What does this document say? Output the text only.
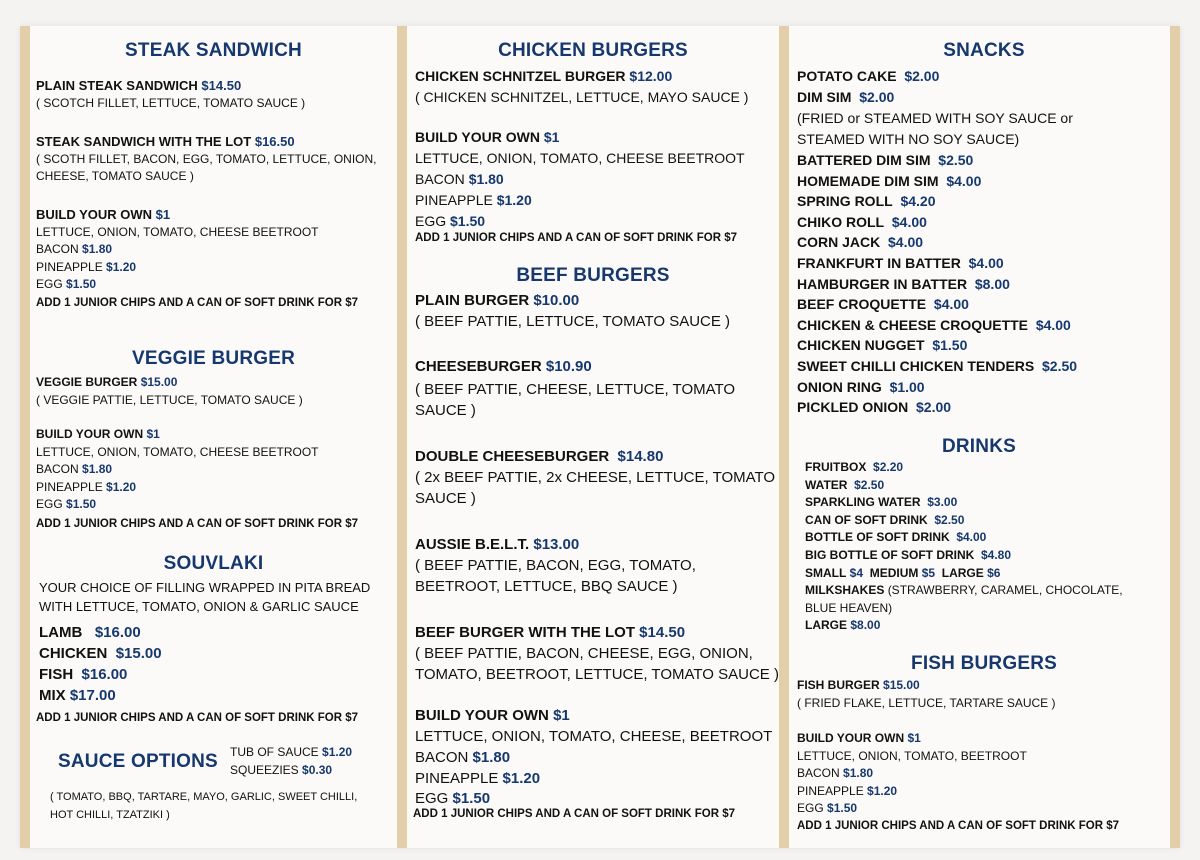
STEAK SANDWICH
PLAIN STEAK SANDWICH $14.50
( SCOTCH FILLET, LETTUCE, TOMATO SAUCE )
STEAK SANDWICH WITH THE LOT $16.50
( SCOTH FILLET, BACON, EGG, TOMATO, LETTUCE, ONION, CHEESE, TOMATO SAUCE )
BUILD YOUR OWN $1
LETTUCE, ONION, TOMATO, CHEESE BEETROOT
BACON $1.80
PINEAPPLE $1.20
EGG $1.50
ADD 1 JUNIOR CHIPS AND A CAN OF SOFT DRINK FOR $7
VEGGIE BURGER
VEGGIE BURGER $15.00
( VEGGIE PATTIE, LETTUCE, TOMATO SAUCE )
BUILD YOUR OWN $1
LETTUCE, ONION, TOMATO, CHEESE BEETROOT
BACON $1.80
PINEAPPLE $1.20
EGG $1.50
ADD 1 JUNIOR CHIPS AND A CAN OF SOFT DRINK FOR $7
SOUVLAKI
YOUR CHOICE OF FILLING WRAPPED IN PITA BREAD
WITH LETTUCE, TOMATO, ONION & GARLIC SAUCE
LAMB $16.00
CHICKEN $15.00
FISH $16.00
MIX $17.00
ADD 1 JUNIOR CHIPS AND A CAN OF SOFT DRINK FOR $7
SAUCE OPTIONS TUB OF SAUCE $1.20
SQUEEZIES $0.30
( TOMATO, BBQ, TARTARE, MAYO, GARLIC, SWEET CHILLI,
HOT CHILLI, TZATZIKI )
CHICKEN BURGERS
CHICKEN SCHNITZEL BURGER $12.00
( CHICKEN SCHNITZEL, LETTUCE, MAYO SAUCE )
BUILD YOUR OWN $1
LETTUCE, ONION, TOMATO, CHEESE BEETROOT
BACON $1.80
PINEAPPLE $1.20
EGG $1.50
ADD 1 JUNIOR CHIPS AND A CAN OF SOFT DRINK FOR $7
BEEF BURGERS
PLAIN BURGER $10.00
( BEEF PATTIE, LETTUCE, TOMATO SAUCE )
CHEESEBURGER $10.90
( BEEF PATTIE, CHEESE, LETTUCE, TOMATO
SAUCE )
DOUBLE CHEESEBURGER $14.80
( 2x BEEF PATTIE, 2x CHEESE, LETTUCE, TOMATO
SAUCE )
AUSSIE B.E.L.T. $13.00
( BEEF PATTIE, BACON, EGG, TOMATO,
BEETROOT, LETTUCE, BBQ SAUCE )
BEEF BURGER WITH THE LOT $14.50
( BEEF PATTIE, BACON, CHEESE, EGG, ONION,
TOMATO, BEETROOT, LETTUCE, TOMATO SAUCE )
BUILD YOUR OWN $1
LETTUCE, ONION, TOMATO, CHEESE, BEETROOT
BACON $1.80
PINEAPPLE $1.20
EGG $1.50
ADD 1 JUNIOR CHIPS AND A CAN OF SOFT DRINK FOR $7
SNACKS
POTATO CAKE $2.00
DIM SIM $2.00
(FRIED or STEAMED WITH SOY SAUCE or
STEAMED WITH NO SOY SAUCE)
BATTERED DIM SIM $2.50
HOMEMADE DIM SIM $4.00
SPRING ROLL $4.20
CHIKO ROLL $4.00
CORN JACK $4.00
FRANKFURT IN BATTER $4.00
HAMBURGER IN BATTER $8.00
BEEF CROQUETTE $4.00
CHICKEN & CHEESE CROQUETTE $4.00
CHICKEN NUGGET $1.50
SWEET CHILLI CHICKEN TENDERS $2.50
ONION RING $1.00
PICKLED ONION $2.00
DRINKS
FRUITBOX $2.20
WATER $2.50
SPARKLING WATER $3.00
CAN OF SOFT DRINK $2.50
BOTTLE OF SOFT DRINK $4.00
BIG BOTTLE OF SOFT DRINK $4.80
SMALL $4 MEDIUM $5 LARGE $6
MILKSHAKES (STRAWBERRY, CARAMEL, CHOCOLATE,
BLUE HEAVEN)
LARGE $8.00
FISH BURGERS
FISH BURGER $15.00
( FRIED FLAKE, LETTUCE, TARTARE SAUCE )
BUILD YOUR OWN $1
LETTUCE, ONION, TOMATO, BEETROOT
BACON $1.80
PINEAPPLE $1.20
EGG $1.50
ADD 1 JUNIOR CHIPS AND A CAN OF SOFT DRINK FOR $7
